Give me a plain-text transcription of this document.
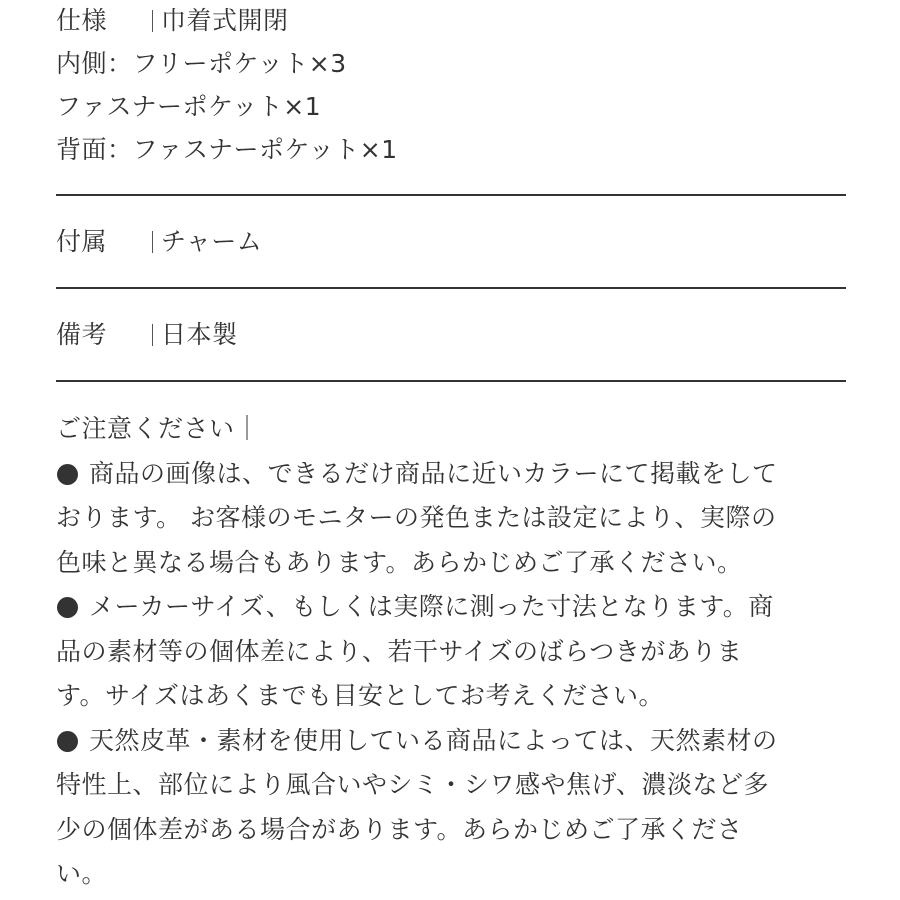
仕様 巾着式開閉
内側：フリーポケット×3
ファスナーポケット×1
背面：ファスナーポケット×1
付属 チャーム
備考 日本製
ご注意ください｜
商品の画像は、できるだけ商品に近いカラーにて掲載をして
おります。 お客様のモニターの発色または設定により、実際の
色味と異なる場合もあります。あらかじめご了承ください。
メーカーサイズ、もしくは実際に測った寸法となります。商
品の素材等の個体差により、若干サイズのばらつきがありま
す。サイズはあくまでも目安としてお考えください。
天然皮革・素材を使用している商品によっては、天然素材の
特性上、部位により風合いやシミ・シワ感や焦げ、濃淡など多
少の個体差がある場合があります。あらかじめご了承くださ
い。
